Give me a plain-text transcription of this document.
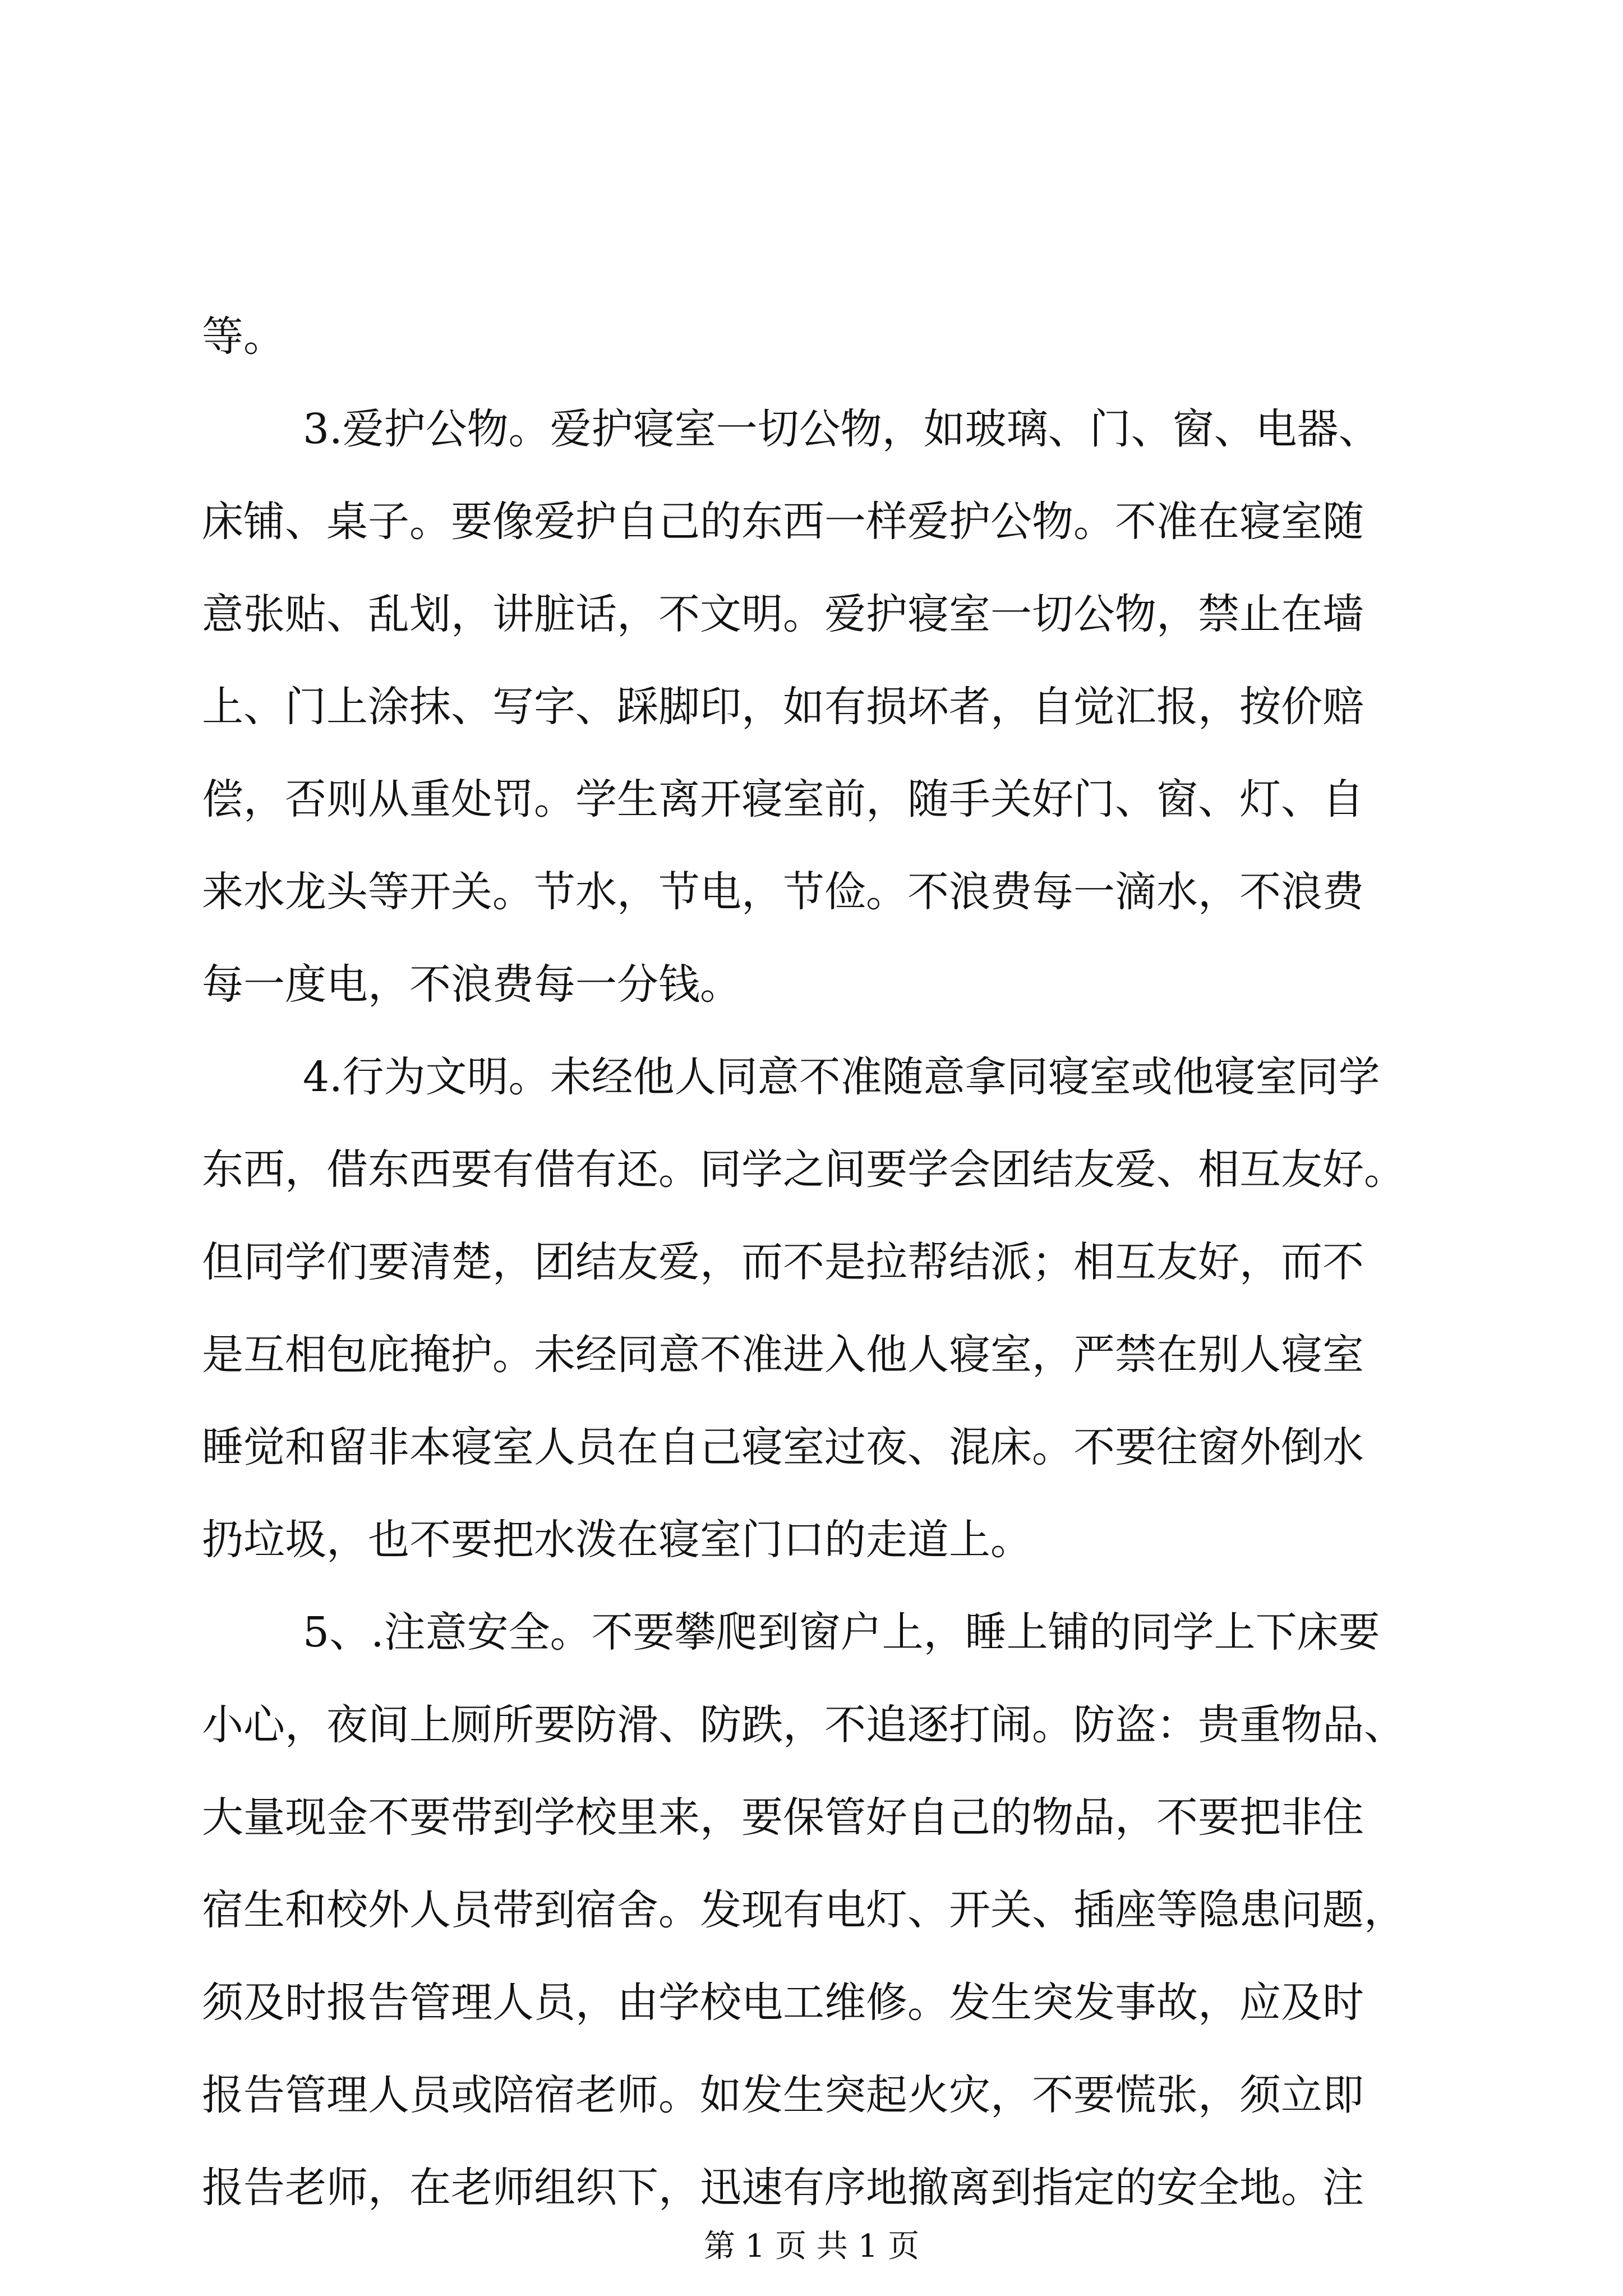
等。
3.爱护公物。爱护寝室一切公物，如玻璃、门、窗、电器、
床铺、桌子。要像爱护自己的东西一样爱护公物。不准在寝室随
意张贴、乱划，讲脏话，不文明。爱护寝室一切公物，禁止在墙
上、门上涂抹、写字、踩脚印，如有损坏者，自觉汇报，按价赔
偿，否则从重处罚。学生离开寝室前，随手关好门、窗、灯、自
来水龙头等开关。节水，节电，节俭。不浪费每一滴水，不浪费
每一度电，不浪费每一分钱。
4.行为文明。未经他人同意不准随意拿同寝室或他寝室同学
东西，借东西要有借有还。同学之间要学会团结友爱、相互友好。
但同学们要清楚，团结友爱，而不是拉帮结派；相互友好，而不
是互相包庇掩护。未经同意不准进入他人寝室，严禁在别人寝室
睡觉和留非本寝室人员在自己寝室过夜、混床。不要往窗外倒水
扔垃圾，也不要把水泼在寝室门口的走道上。
5、.注意安全。不要攀爬到窗户上，睡上铺的同学上下床要
小心，夜间上厕所要防滑、防跌，不追逐打闹。防盗：贵重物品、
大量现金不要带到学校里来，要保管好自己的物品，不要把非住
宿生和校外人员带到宿舍。发现有电灯、开关、插座等隐患问题，
须及时报告管理人员，由学校电工维修。发生突发事故，应及时
报告管理人员或陪宿老师。如发生突起火灾，不要慌张，须立即
报告老师，在老师组织下，迅速有序地撤离到指定的安全地。注
第 1 页 共 1 页
